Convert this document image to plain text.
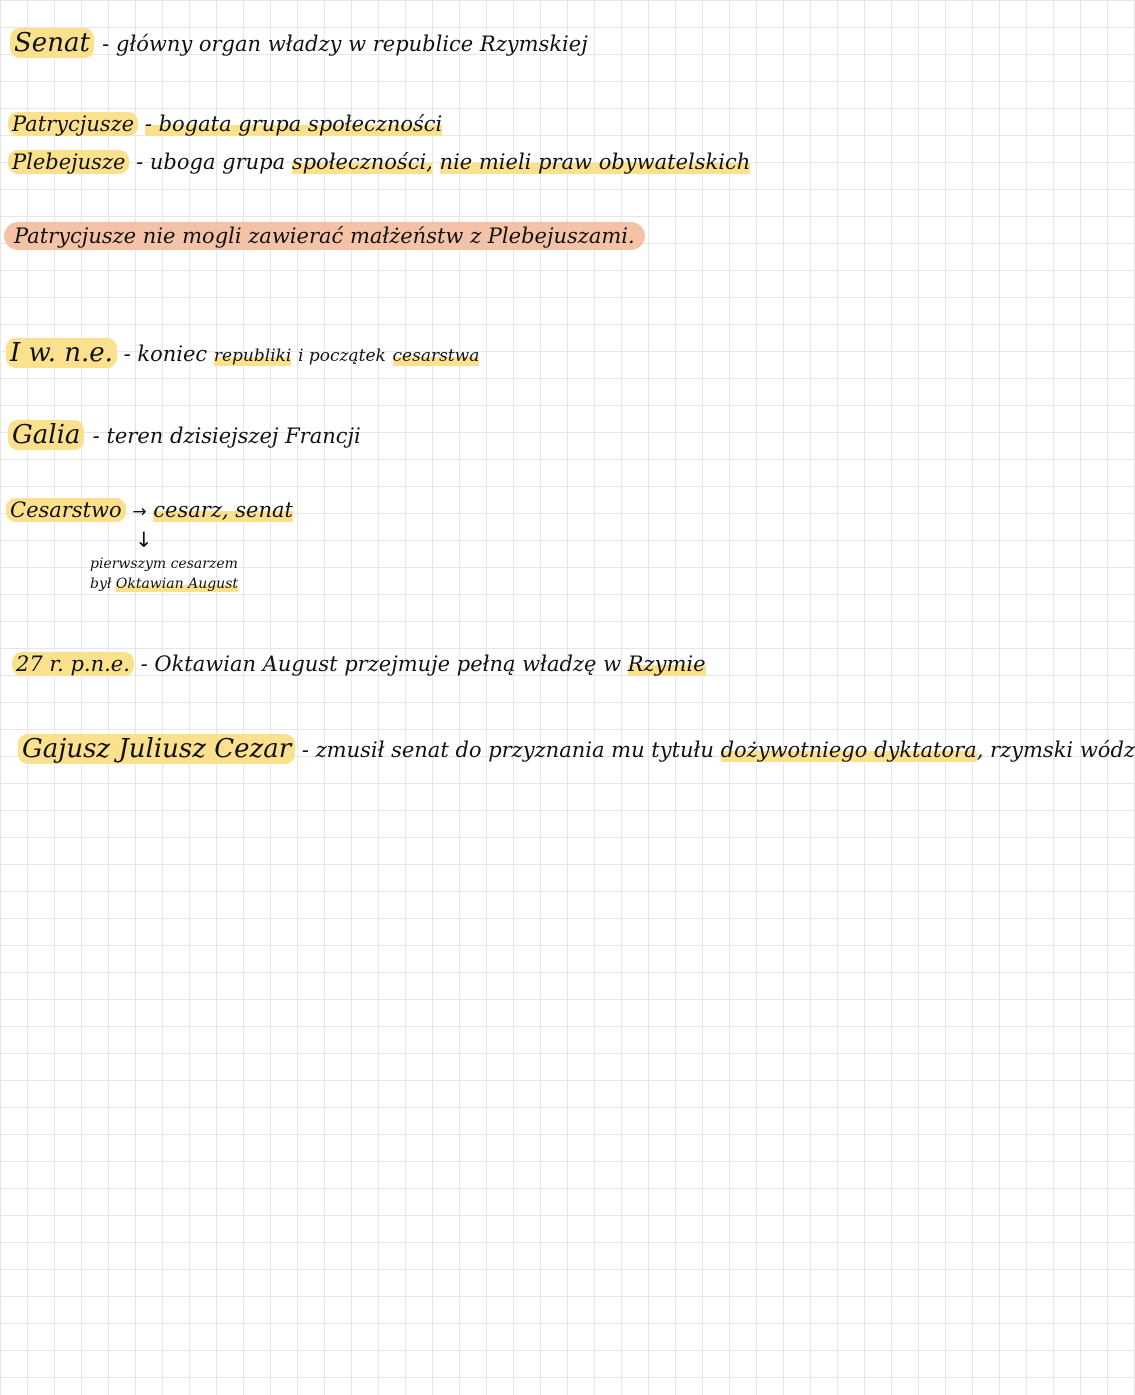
Senat - główny organ władzy w republice Rzymskiej
Patrycjusze - bogata grupa społeczności
Plebejusze - uboga grupa społeczności, nie mieli praw obywatelskich
Patrycjusze nie mogli zawierać małżeństw z Plebejuszami.
I w. n.e. - koniec republiki i początek cesarstwa
Galia - teren dzisiejszej Francji
Cesarstwo → cesarz, senat
↓
pierwszym cesarzem
był Oktawian August
27 r. p.n.e. - Oktawian August przejmuje pełną władzę w Rzymie
Gajusz Juliusz Cezar - zmusił senat do przyznania mu tytułu dożywotniego dyktatora, rzymski wódz
